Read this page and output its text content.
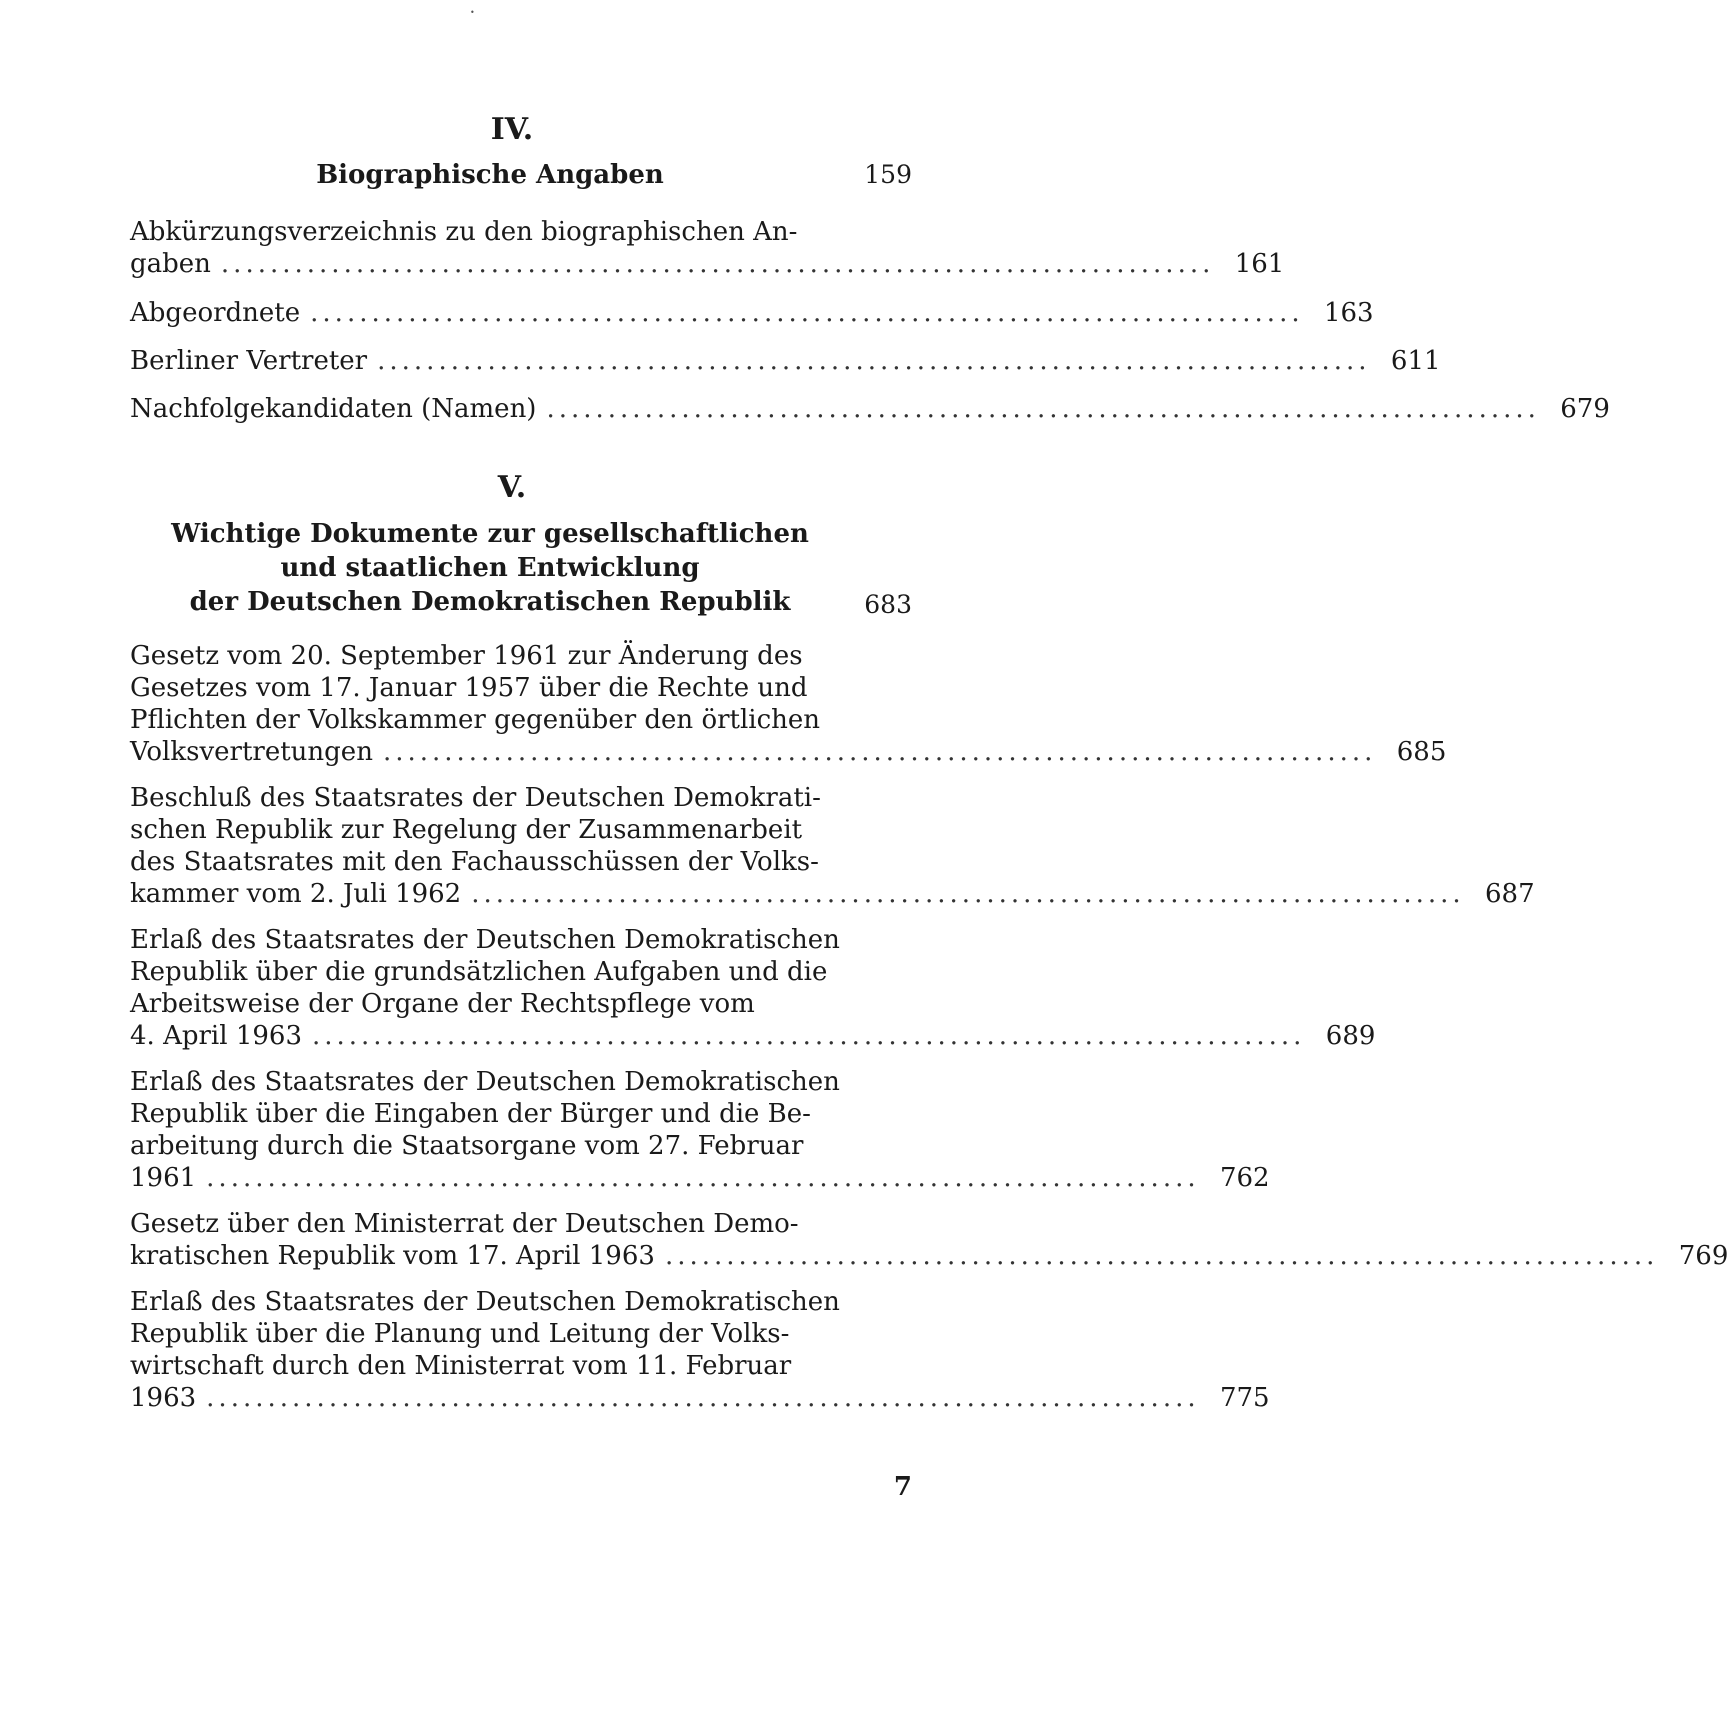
•
IV.
Biographische Angaben	159
Abkürzungsverzeichnis zu den biographischen An-
gaben ................................................................................. 161
Abgeordnete ................................................................................. 163
Berliner Vertreter ................................................................................. 611
Nachfolgekandidaten (Namen) ................................................................................. 679
V.
Wichtige Dokumente zur gesellschaftlichen
und staatlichen Entwicklung
der Deutschen Demokratischen Republik	683
Gesetz vom 20. September 1961 zur Änderung des
Gesetzes vom 17. Januar 1957 über die Rechte und
Pflichten der Volkskammer gegenüber den örtlichen
Volksvertretungen ................................................................................. 685
Beschluß des Staatsrates der Deutschen Demokrati-
schen Republik zur Regelung der Zusammenarbeit
des Staatsrates mit den Fachausschüssen der Volks-
kammer vom 2. Juli 1962 ................................................................................. 687
Erlaß des Staatsrates der Deutschen Demokratischen
Republik über die grundsätzlichen Aufgaben und die
Arbeitsweise der Organe der Rechtspflege vom
4. April 1963 ................................................................................. 689
Erlaß des Staatsrates der Deutschen Demokratischen
Republik über die Eingaben der Bürger und die Be-
arbeitung durch die Staatsorgane vom 27. Februar
1961 ................................................................................. 762
Gesetz über den Ministerrat der Deutschen Demo-
kratischen Republik vom 17. April 1963 ................................................................................. 769
Erlaß des Staatsrates der Deutschen Demokratischen
Republik über die Planung und Leitung der Volks-
wirtschaft durch den Ministerrat vom 11. Februar
1963 ................................................................................. 775
7
